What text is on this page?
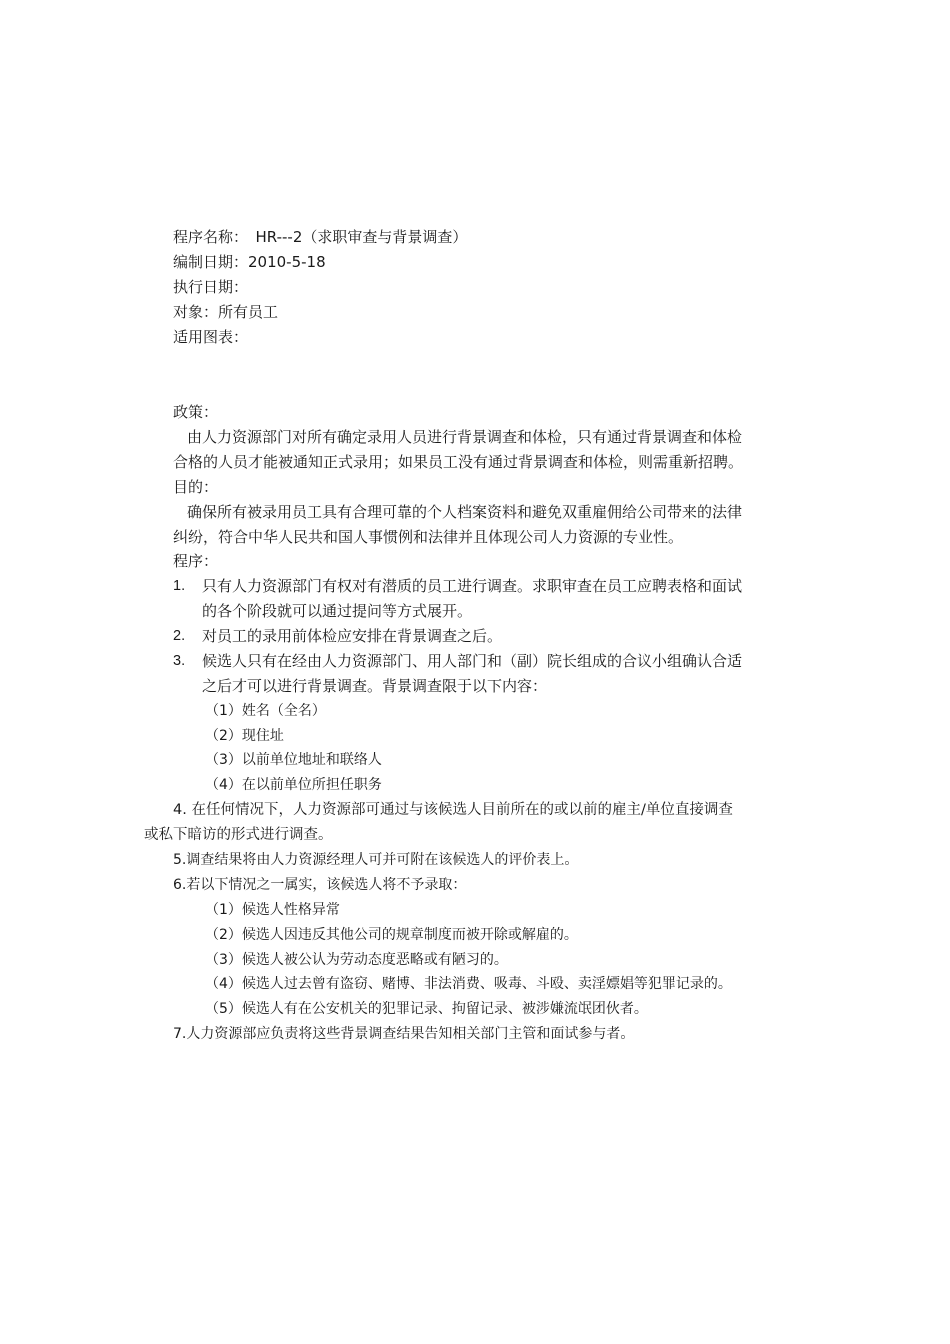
程序名称：　HR---2（求职审查与背景调查）
编制日期：2010-5-18
执行日期：
对象：所有员工
适用图表：
政策：
由人力资源部门对所有确定录用人员进行背景调查和体检，只有通过背景调查和体检
合格的人员才能被通知正式录用；如果员工没有通过背景调查和体检，则需重新招聘。
目的：
确保所有被录用员工具有合理可靠的个人档案资料和避免双重雇佣给公司带来的法律
纠纷，符合中华人民共和国人事惯例和法律并且体现公司人力资源的专业性。
程序：
1. 只有人力资源部门有权对有潜质的员工进行调查。求职审查在员工应聘表格和面试
的各个阶段就可以通过提问等方式展开。
2. 对员工的录用前体检应安排在背景调查之后。
3. 候选人只有在经由人力资源部门、用人部门和（副）院长组成的合议小组确认合适
之后才可以进行背景调查。背景调查限于以下内容：
（1）姓名（全名）
（2）现住址
（3）以前单位地址和联络人
（4）在以前单位所担任职务
4. 在任何情况下，人力资源部可通过与该候选人目前所在的或以前的雇主/单位直接调查
或私下暗访的形式进行调查。
5.调查结果将由人力资源经理人可并可附在该候选人的评价表上。
6.若以下情况之一属实，该候选人将不予录取：
（1）候选人性格异常
（2）候选人因违反其他公司的规章制度而被开除或解雇的。
（3）候选人被公认为劳动态度恶略或有陋习的。
（4）候选人过去曾有盗窃、赌博、非法消费、吸毒、斗殴、卖淫嫖娼等犯罪记录的。
（5）候选人有在公安机关的犯罪记录、拘留记录、被涉嫌流氓团伙者。
7.人力资源部应负责将这些背景调查结果告知相关部门主管和面试参与者。
